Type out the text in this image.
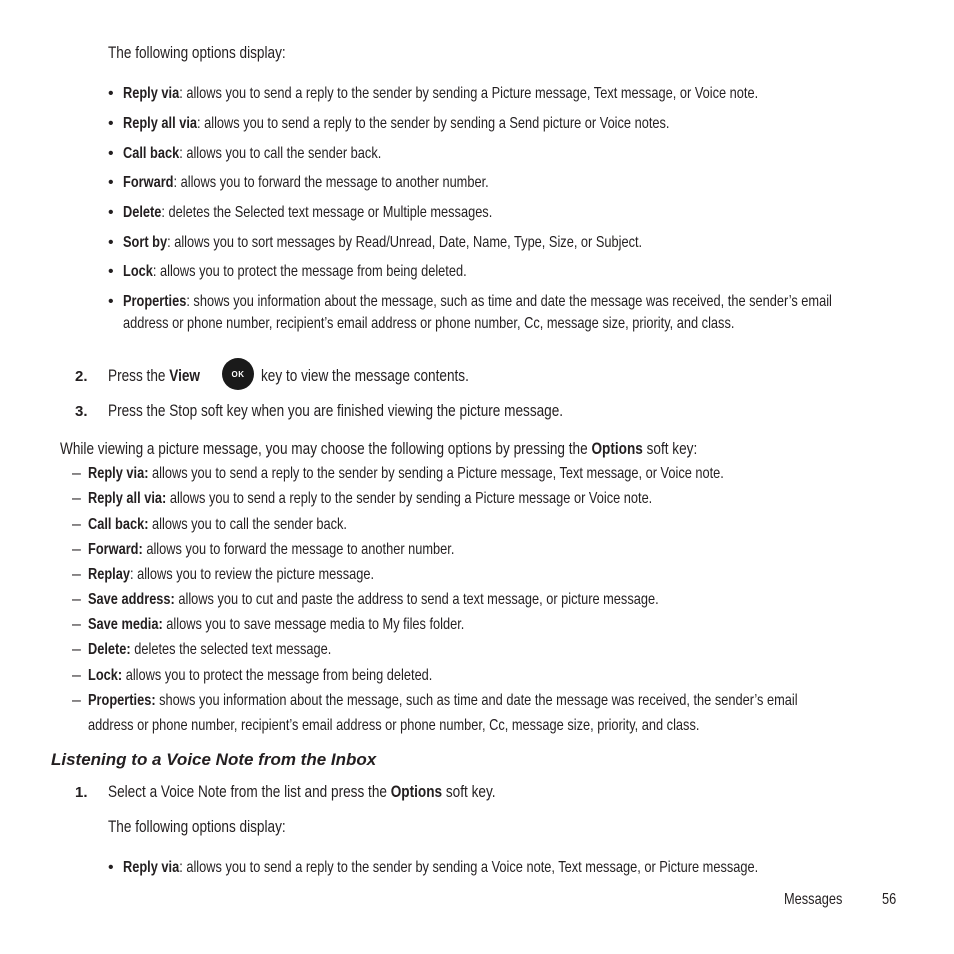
The following options display:
• Reply via: allows you to send a reply to the sender by sending a Picture message, Text message, or Voice note.
• Reply all via: allows you to send a reply to the sender by sending a Send picture or Voice notes.
• Call back: allows you to call the sender back.
• Forward: allows you to forward the message to another number.
• Delete: deletes the Selected text message or Multiple messages.
• Sort by: allows you to sort messages by Read/Unread, Date, Name, Type, Size, or Subject.
• Lock: allows you to protect the message from being deleted.
• Properties: shows you information about the message, such as time and date the message was received, the sender’s email
address or phone number, recipient’s email address or phone number, Cc, message size, priority, and class.
2. Press the View	OK key to view the message contents.
3. Press the Stop soft key when you are finished viewing the picture message.
While viewing a picture message, you may choose the following options by pressing the Options soft key:
– Reply via: allows you to send a reply to the sender by sending a Picture message, Text message, or Voice note.
– Reply all via: allows you to send a reply to the sender by sending a Picture message or Voice note.
– Call back: allows you to call the sender back.
– Forward: allows you to forward the message to another number.
– Replay: allows you to review the picture message.
– Save address: allows you to cut and paste the address to send a text message, or picture message.
– Save media: allows you to save message media to My files folder.
– Delete: deletes the selected text message.
– Lock: allows you to protect the message from being deleted.
– Properties: shows you information about the message, such as time and date the message was received, the sender’s email
address or phone number, recipient’s email address or phone number, Cc, message size, priority, and class.
Listening to a Voice Note from the Inbox
1. Select a Voice Note from the list and press the Options soft key.
The following options display:
• Reply via: allows you to send a reply to the sender by sending a Voice note, Text message, or Picture message.
Messages	56
